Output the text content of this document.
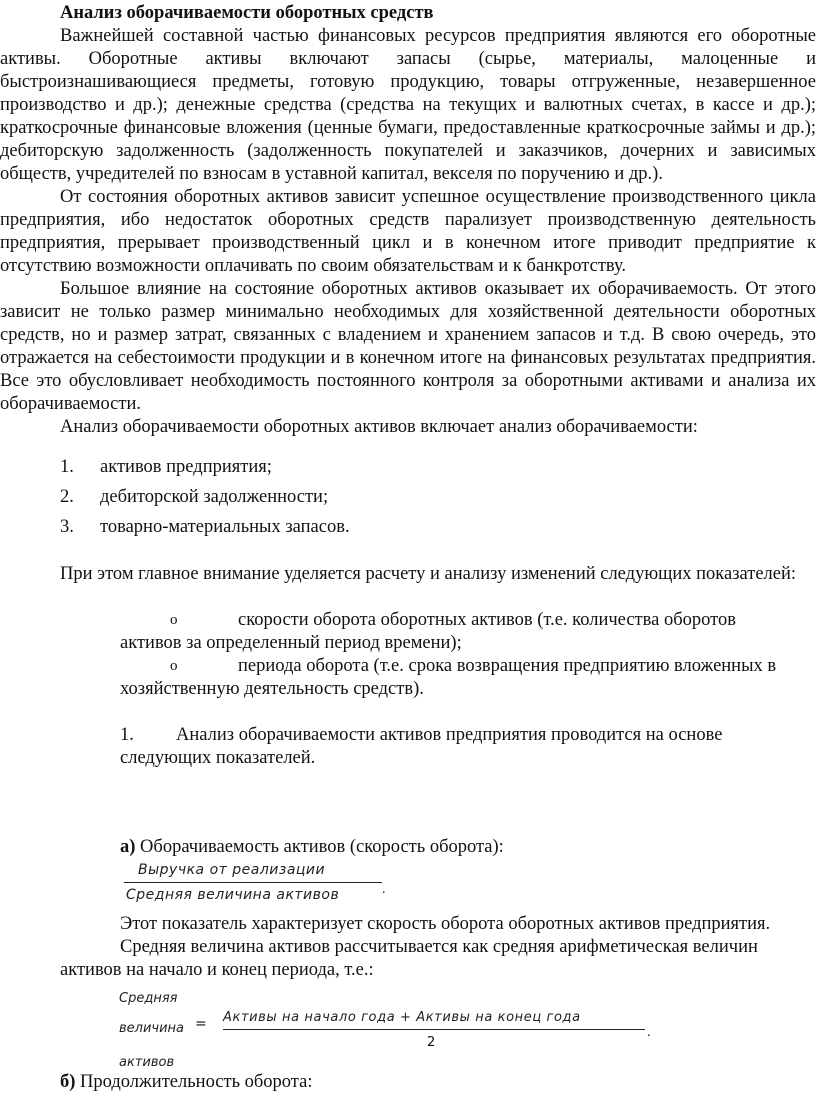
Анализ оборачиваемости оборотных средств

Важнейшей составной частью финансовых ресурсов предприятия являются его оборотные активы. Оборотные активы включают запасы (сырье, материалы, малоценные и быстроизнашивающиеся предметы, готовую продукцию, товары отгруженные, незавершенное производство и др.); денежные средства (средства на текущих и валютных счетах, в кассе и др.); краткосрочные финансовые вложения (ценные бумаги, предоставленные краткосрочные займы и др.); дебиторскую задолженность (задолженность покупателей и заказчиков, дочерних и зависимых обществ, учредителей по взносам в уставной капитал, векселя по поручению и др.).

От состояния оборотных активов зависит успешное осуществление производственного цикла предприятия, ибо недостаток оборотных средств парализует производственную деятельность предприятия, прерывает производственный цикл и в конечном итоге приводит предприятие к отсутствию возможности оплачивать по своим обязательствам и к банкротству.

Большое влияние на состояние оборотных активов оказывает их оборачиваемость. От этого зависит не только размер минимально необходимых для хозяйственной деятельности оборотных средств, но и размер затрат, связанных с владением и хранением запасов и т.д. В свою очередь, это отражается на себестоимости продукции и в конечном итоге на финансовых результатах предприятия. Все это обусловливает необходимость постоянного контроля за оборотными активами и анализа их оборачиваемости.

Анализ оборачиваемости оборотных активов включает анализ оборачиваемости:

1.	активов предприятия;
2.	дебиторской задолженности;
3.	товарно-материальных запасов.

При этом главное внимание уделяется расчету и анализу изменений следующих показателей:

o	скорости оборота оборотных активов (т.е. количества оборотов

активов за определенный период времени);

o	периода оборота (т.е. срока возвращения предприятию вложенных в

хозяйственную деятельность средств).

1.	Анализ оборачиваемости активов предприятия проводится на основе

следующих показателей.

а) Оборачиваемость активов (скорость оборота):

Выручка от реализации
Средняя величина активов	.

Этот показатель характеризует скорость оборота оборотных активов предприятия.

Средняя величина активов рассчитывается как средняя арифметическая величин

активов на начало и конец периода, т.е.:

Средняя
величина
активов
= Активы на начало года + Активы на конец года
2
.

б) Продолжительность оборота:
